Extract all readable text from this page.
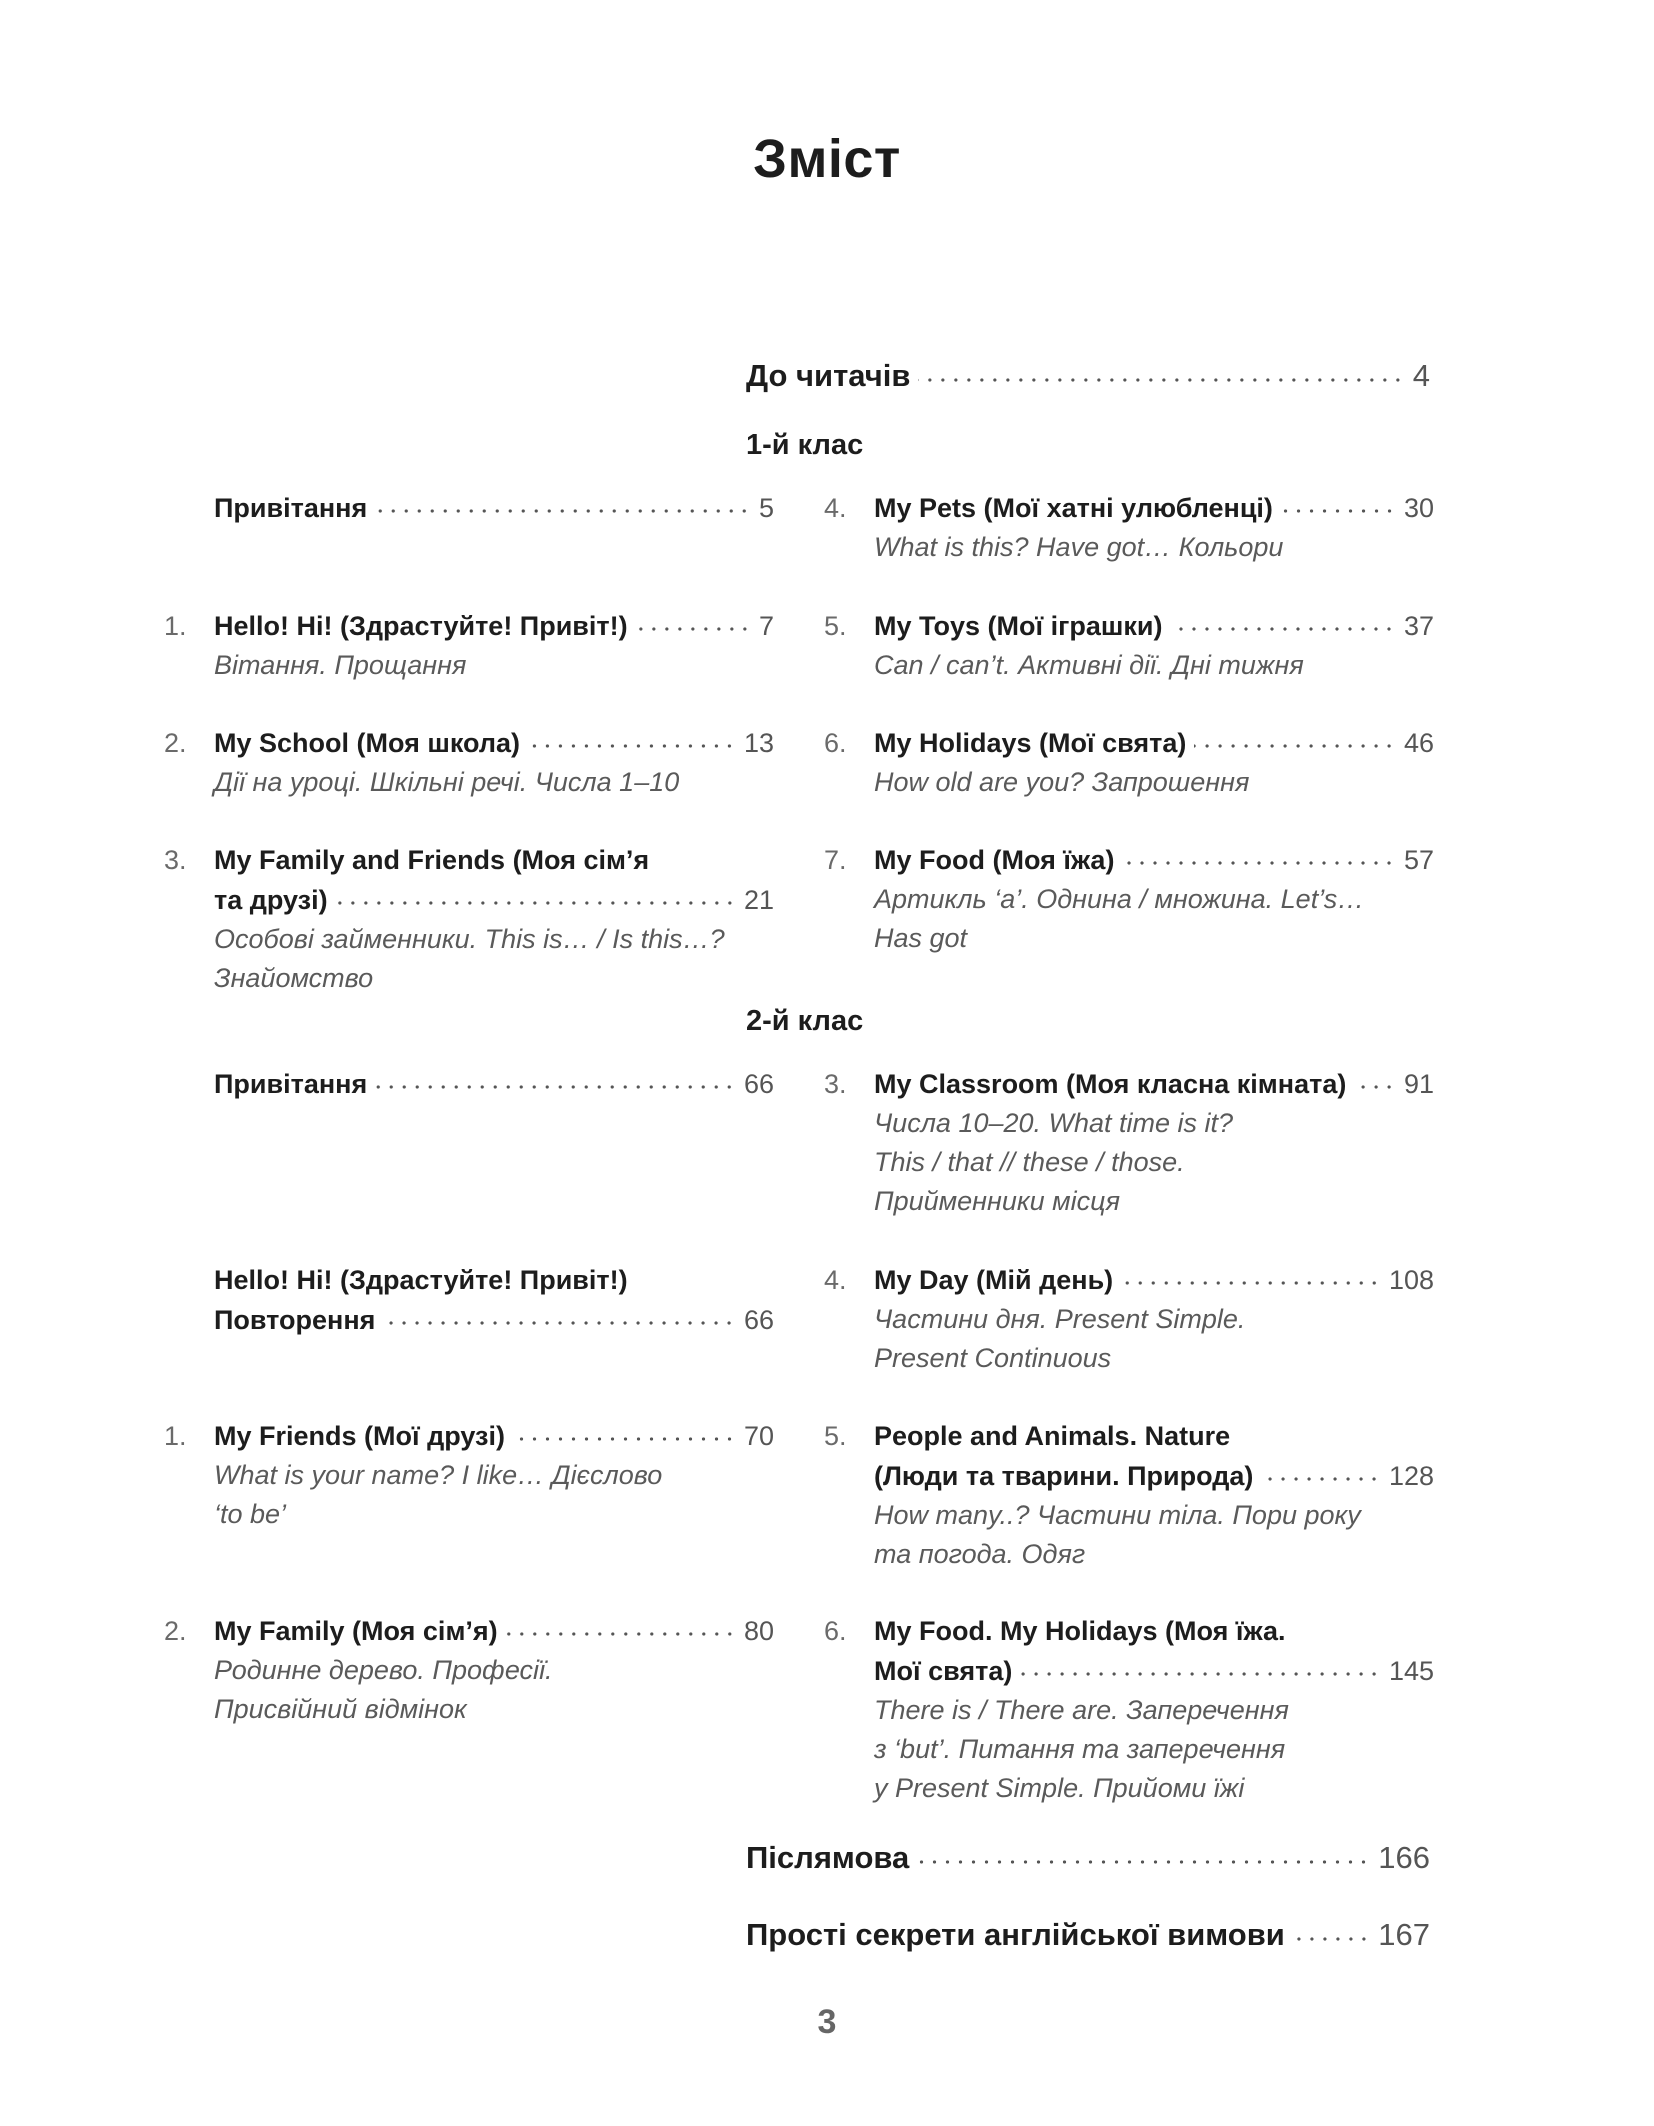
Зміст
До читачів	4
1-й клас
Привітання	5
1.	Hello! Hi! (Здрастуйте! Привіт!)	7
Вітання. Прощання
2.	My School (Моя школа)	13
Дії на уроці. Шкільні речі. Числа 1–10
3.	My Family and Friends (Моя сім’я
та друзі)	21
Особові займенники. This is… / Is this…?
Знайомство
4.	My Pets (Мої хатні улюбленці)	30
What is this? Have got… Кольори
5.	My Toys (Мої іграшки)	37
Can / can’t. Активні дії. Дні тижня
6.	My Holidays (Мої свята)	46
How old are you? Запрошення
7.	My Food (Моя їжа)	57
Артикль ‘a’. Однина / множина. Let’s…
Has got
2-й клас
Привітання	66
Hello! Hi! (Здрастуйте! Привіт!)
Повторення	66
1.	My Friends (Мої друзі)	70
What is your name? I like… Дієслово
‘to be’
2.	My Family (Моя сім’я)	80
Родинне дерево. Професії.
Присвійний відмінок
3.	My Classroom (Моя класна кімната) 91
Числа 10–20. What time is it?
This / that // these / those.
Прийменники місця
4.	My Day (Мій день)	108
Частини дня. Present Simple.
Present Continuous
5.	People and Animals. Nature
(Люди та тварини. Природа)	128
How many..? Частини тіла. Пори року
та погода. Одяг
6.	My Food. My Holidays (Моя їжа.
Мої свята)	145
There is / There are. Заперечення
з ‘but’. Питання та заперечення
у Present Simple. Прийоми їжі
Післямова	166
Прості секрети англійської вимови	167
3
